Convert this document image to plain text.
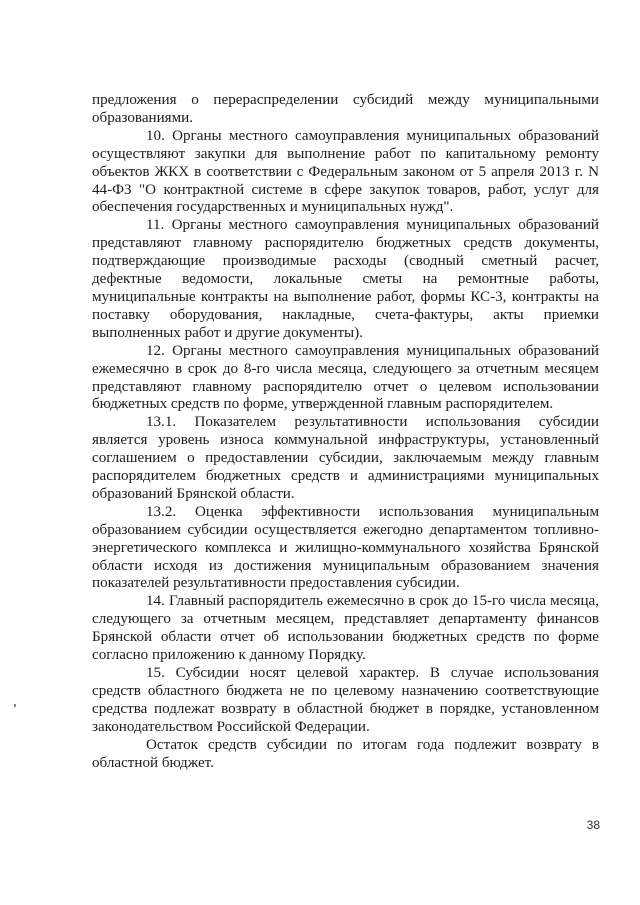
предложения о перераспределении субсидий между муниципальными образованиями.

10. Органы местного самоуправления муниципальных образований осуществляют закупки для выполнение работ по капитальному ремонту объектов ЖКХ в соответствии с Федеральным законом от 5 апреля 2013 г. N 44-ФЗ "О контрактной системе в сфере закупок товаров, работ, услуг для обеспечения государственных и муниципальных нужд".

11. Органы местного самоуправления муниципальных образований представляют главному распорядителю бюджетных средств документы, подтверждающие производимые расходы (сводный сметный расчет, дефектные ведомости, локальные сметы на ремонтные работы, муниципальные контракты на выполнение работ, формы КС-3, контракты на поставку оборудования, накладные, счета-фактуры, акты приемки выполненных работ и другие документы).

12. Органы местного самоуправления муниципальных образований ежемесячно в срок до 8-го числа месяца, следующего за отчетным месяцем представляют главному распорядителю отчет о целевом использовании бюджетных средств по форме, утвержденной главным распорядителем.

13.1. Показателем результативности использования субсидии является уровень износа коммунальной инфраструктуры, установленный соглашением о предоставлении субсидии, заключаемым между главным распорядителем бюджетных средств и администрациями муниципальных образований Брянской области.

13.2. Оценка эффективности использования муниципальным образованием субсидии осуществляется ежегодно департаментом топливно-энергетического комплекса и жилищно-коммунального хозяйства Брянской области исходя из достижения муниципальным образованием значения показателей результативности предоставления субсидии.

14. Главный распорядитель ежемесячно в срок до 15-го числа месяца, следующего за отчетным месяцем, представляет департаменту финансов Брянской области отчет об использовании бюджетных средств по форме согласно приложению к данному Порядку.

15. Субсидии носят целевой характер. В случае использования средств областного бюджета не по целевому назначению соответствующие средства подлежат возврату в областной бюджет в порядке, установленном законодательством Российской Федерации.

Остаток средств субсидии по итогам года подлежит возврату в областной бюджет.

38
